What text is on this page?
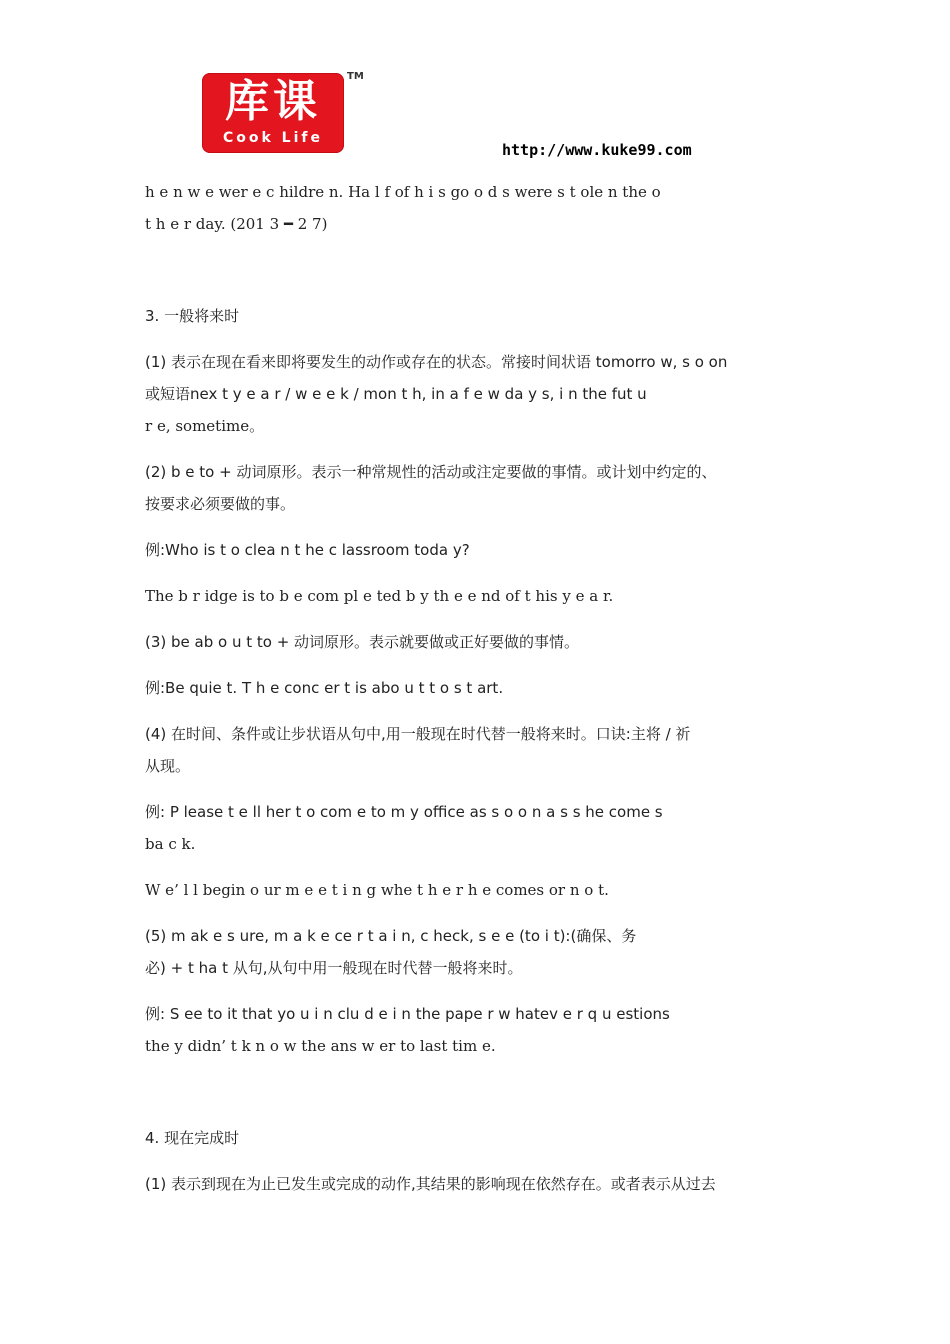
库课
Cook Life
TM
http://www.kuke99.com

h e n w e wer e c hildre n. Ha l f of h i s go o d s were s t ole n the o

t h e r day. (201 3 ━ 2 7)

3. 一般将来时

(1) 表示在现在看来即将要发生的动作或存在的状态。常接时间状语 tomorro w, s o on

或短语nex t y e a r / w e e k / mon t h, in a f e w da y s, i n the fut u

r e, sometime。

(2) b e to + 动词原形。表示一种常规性的活动或注定要做的事情。或计划中约定的、

按要求必须要做的事。

例:Who is t o clea n t he c lassroom toda y?

The b r idge is to b e com pl e ted b y th e e nd of t his y e a r.

(3) be ab o u t to + 动词原形。表示就要做或正好要做的事情。

例:Be quie t. T h e conc er t is abo u t t o s t art.

(4) 在时间、条件或让步状语从句中,用一般现在时代替一般将来时。口诀:主将 / 祈

从现。

例: P lease t e ll her t o com e to m y office as s o o n a s s he come s

ba c k.

W e’ l l begin o ur m e e t i n g whe t h e r h e comes or n o t.

(5) m ak e s ure, m a k e ce r t a i n, c heck, s e e (to i t):(确保、务

必) + t ha t 从句,从句中用一般现在时代替一般将来时。

例: S ee to it that yo u i n clu d e i n the pape r w hatev e r q u estions

the y didn’ t k n o w the ans w er to last tim e.

4. 现在完成时

(1) 表示到现在为止已发生或完成的动作,其结果的影响现在依然存在。或者表示从过去
